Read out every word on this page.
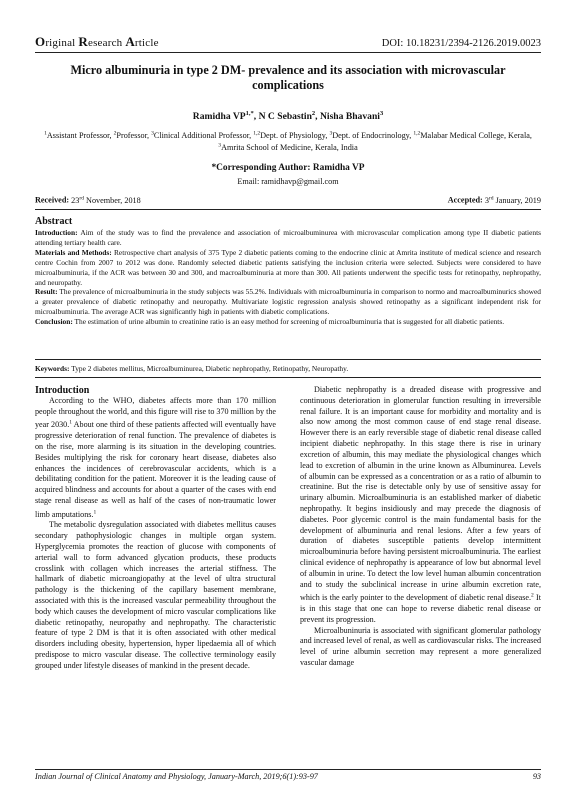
Original Research Article	DOI: 10.18231/2394-2126.2019.0023
Micro albuminuria in type 2 DM- prevalence and its association with microvascular complications
Ramidha $VP^{1,*}$, N C Sebastin$^2$, Nisha Bhavani$^3$
$^1$Assistant Professor, $^2$Professor, $^3$Clinical Additional Professor, $^{1,2}$Dept. of Physiology, $^3$Dept. of Endocrinology, $^{1,2}$Malabar Medical College, Kerala, $^3$Amrita School of Medicine, Kerala, India
*Corresponding Author: Ramidha VP
Email: ramidhavp@gmail.com
Received: 23rd November, 2018	Accepted: 3rd January, 2019
Abstract

Introduction: Aim of the study was to find the prevalence and association of microalbuminurea with microvascular complication among type II diabetic patients attending tertiary health care.

Materials and Methods: Retrospective chart analysis of 375 Type 2 diabetic patients coming to the endocrine clinic at Amrita institute of medical science and research centre Cochin from 2007 to 2012 was done. Randomly selected diabetic patients satisfying the inclusion criteria were selected. Subjects were considered to have microalbuminuria, if the ACR was between 30 and 300, and macroalbuminuria at more than 300. All patients underwent the specific tests for retinopathy, nephropathy, and neuropathy.

Result: The prevalence of microalbuminuria in the study subjects was 55.2%. Individuals with microalbuminuria in comparison to normo and macroalbuminurics showed a greater prevalence of diabetic retinopathy and neuropathy. Multivariate logistic regression analysis showed retinopathy as a significant independent risk for microalbuminuria. The average ACR was significantly high in patients with diabetic complications.

Conclusion: The estimation of urine albumin to creatinine ratio is an easy method for screening of microalbuminuria that is suggested for all diabetic patients.

Keywords: Type 2 diabetes mellitus, Microalbuminurea, Diabetic nephropathy, Retinopathy, Neuropathy.
Introduction

According to the WHO, diabetes affects more than 170 million people throughout the world, and this figure will rise to 370 million by the year 2030.$^1$ About one third of these patients affected will eventually have progressive deterioration of renal function. The prevalence of diabetes is on the rise, more alarming is its situation in the developing countries. Besides multiplying the risk for coronary heart disease, diabetes also enhances the incidences of cerebrovascular accidents, which is a debilitating condition for the patient. Moreover it is the leading cause of acquired blindness and accounts for about a quarter of the cases with end stage renal disease as well as half of the cases of non-traumatic lower limb amputations.$^1$

The metabolic dysregulation associated with diabetes mellitus causes secondary pathophysiologic changes in multiple organ system. Hyperglycemia promotes the reaction of glucose with components of arterial wall to form advanced glycation products, these products crosslink with collagen which increases the arterial stiffness. The hallmark of diabetic microangiopathy at the level of ultra structural pathology is the thickening of the capillary basement membrane, associated with this is the increased vascular permeability throughout the body which causes the development of micro vascular complications like diabetic retinopathy, neuropathy and nephropathy. The characteristic feature of type 2 DM is that it is often associated with other medical disorders including obesity, hypertension, hyper lipedaemia all of which predispose to micro vascular disease. The collective terminology easily grouped under lifestyle diseases of mankind in the present decade.

Diabetic nephropathy is a dreaded disease with progressive and continuous deterioration in glomerular function resulting in irreversible renal failure. It is an important cause for morbidity and mortality and is also now among the most common cause of end stage renal disease. However there is an early reversible stage of diabetic renal disease called incipient diabetic nephropathy. In this stage there is rise in urinary excretion of albumin, this may mediate the physiological changes which lead to excretion of albumin in the urine known as Albuminurea. Levels of albumin can be expressed as a concentration or as a ratio of albumin to creatinine. But the rise is detectable only by use of sensitive assay for urinary albumin. Microalbuminuria is an established marker of diabetic nephropathy. It begins insidiously and may precede the diagnosis of diabetes. Poor glycemic control is the main fundamental basis for the development of albuminuria and renal lesions. After a few years of duration of diabetes susceptible patients develop intermittent microalbuminuria before having persistent microalbuminuria. The earliest clinical evidence of nephropathy is appearance of low but abnormal level of albumin in urine. To detect the low level human albumin concentration and to study the subclinical increase in urine albumin excretion rate, which is the early pointer to the development of diabetic renal disease.$^2$ It is in this stage that one can hope to reverse diabetic renal disease or prevent its progression.

Microalbuninuria is associated with significant glomerular pathology and increased level of renal, as well as cardiovascular risks. The increased level of urine albumin secretion may represent a more generalized vascular damage

Indian Journal of Clinical Anatomy and Physiology, January-March, 2019;6(1):93-97	93
